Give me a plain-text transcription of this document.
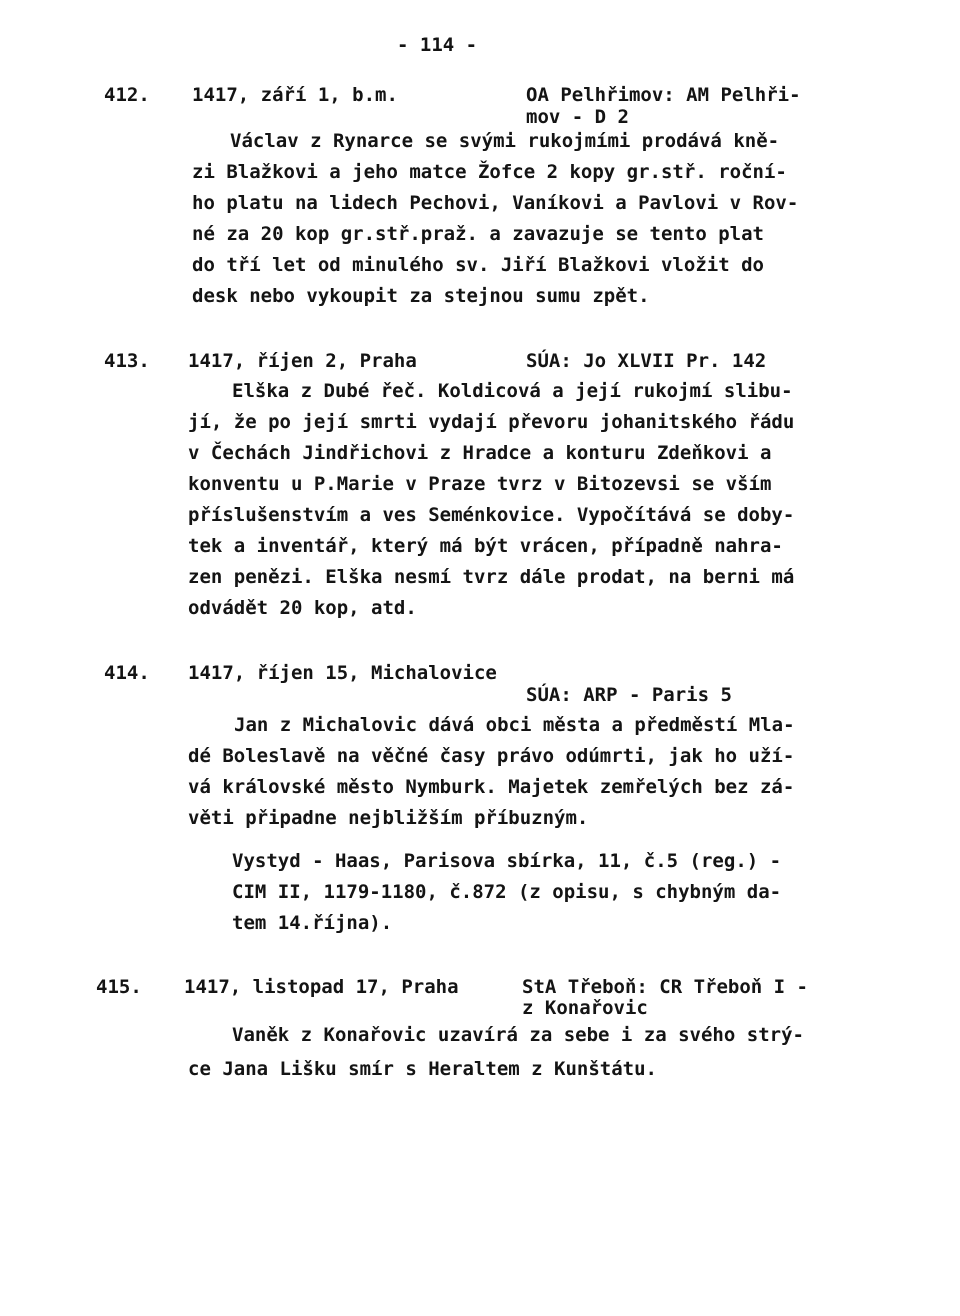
- 114 -
412. 1417, září 1, b.m.	OA Pelhřimov: AM Pelhři-
mov - D 2
Václav z Rynarce se svými rukojmími prodává kně-
zi Blažkovi a jeho matce Žofce 2 kopy gr.stř. roční-
ho platu na lidech Pechovi, Vaníkovi a Pavlovi v Rov-
né za 20 kop gr.stř.praž. a zavazuje se tento plat
do tří let od minulého sv. Jiří Blažkovi vložit do
desk nebo vykoupit za stejnou sumu zpět.
413. 1417, říjen 2, Praha	SÚA: Jo XLVII Pr. 142
Elška z Dubé řeč. Koldicová a její rukojmí slibu-
jí, že po její smrti vydají převoru johanitského řádu
v Čechách Jindřichovi z Hradce a konturu Zdeňkovi a
konventu u P.Marie v Praze tvrz v Bitozevsi se vším
příslušenstvím a ves Seménkovice. Vypočítává se doby-
tek a inventář, který má být vrácen, případně nahra-
zen penězi. Elška nesmí tvrz dále prodat, na berni má
odvádět 20 kop, atd.
414. 1417, říjen 15, Michalovice
SÚA: ARP - Paris 5
Jan z Michalovic dává obci města a předměstí Mla-
dé Boleslavě na věčné časy právo odúmrti, jak ho uží-
vá královské město Nymburk. Majetek zemřelých bez zá-
věti připadne nejbližším příbuzným.
Vystyd - Haas, Parisova sbírka, 11, č.5 (reg.) -
CIM II, 1179-1180, č.872 (z opisu, s chybným da-
tem 14.října).
415. 1417, listopad 17, Praha	StA Třeboň: CR Třeboň I -
z Konařovic
Vaněk z Konařovic uzavírá za sebe i za svého strý-
ce Jana Lišku smír s Heraltem z Kunštátu.
